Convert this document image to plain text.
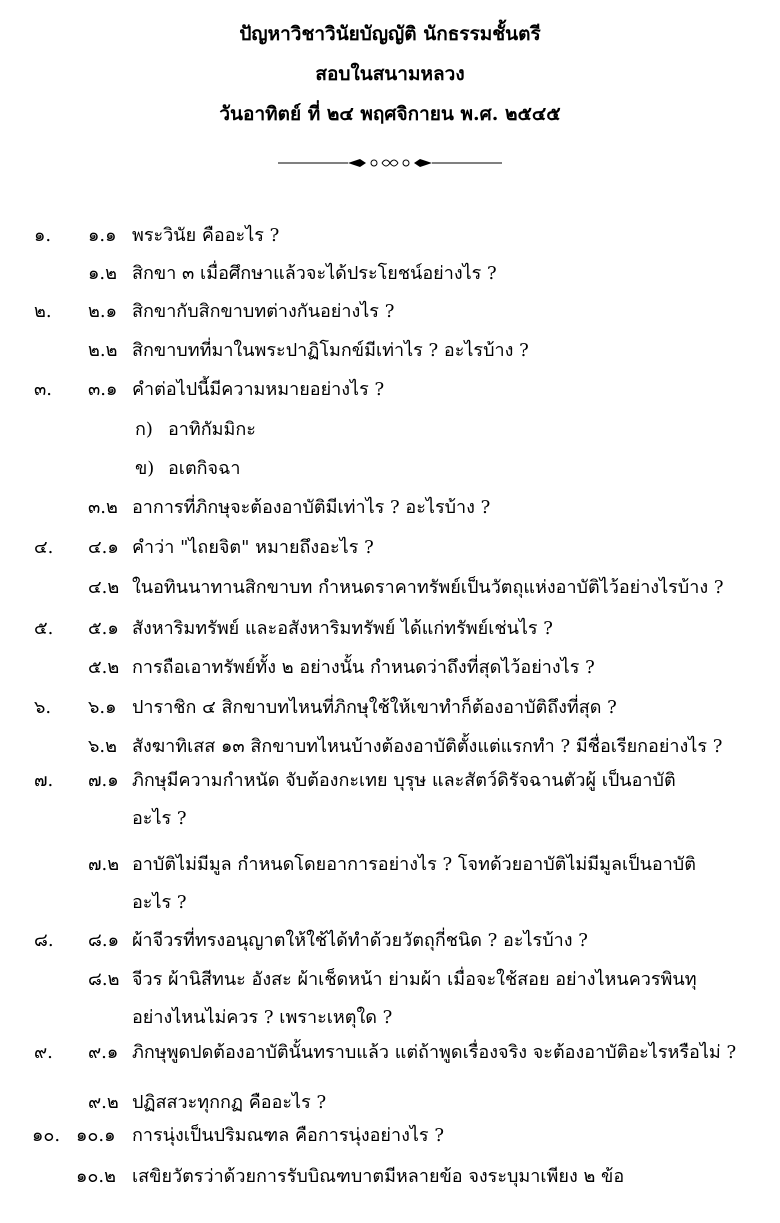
ปัญหาวิชาวินัยบัญญัติ นักธรรมชั้นตรี
สอบในสนามหลวง
วันอาทิตย์ ที่ ๒๔ พฤศจิกายน พ.ศ. ๒๕๔๕
๑. ๑.๑ พระวินัย คืออะไร ?
๑.๒ สิกขา ๓ เมื่อศึกษาแล้วจะได้ประโยชน์อย่างไร ?
๒. ๒.๑ สิกขากับสิกขาบทต่างกันอย่างไร ?
๒.๒ สิกขาบทที่มาในพระปาฏิโมกข์มีเท่าไร ? อะไรบ้าง ?
๓. ๓.๑ คำต่อไปนี้มีความหมายอย่างไร ?
ก) อาทิกัมมิกะ
ข) อเตกิจฉา
๓.๒ อาการที่ภิกษุจะต้องอาบัติมีเท่าไร ? อะไรบ้าง ?
๔. ๔.๑ คำว่า "ไถยจิต" หมายถึงอะไร ?
๔.๒ ในอทินนาทานสิกขาบท กำหนดราคาทรัพย์เป็นวัตถุแห่งอาบัติไว้อย่างไรบ้าง ?
๕. ๕.๑ สังหาริมทรัพย์ และอสังหาริมทรัพย์ ได้แก่ทรัพย์เช่นไร ?
๕.๒ การถือเอาทรัพย์ทั้ง ๒ อย่างนั้น กำหนดว่าถึงที่สุดไว้อย่างไร ?
๖. ๖.๑ ปาราชิก ๔ สิกขาบทไหนที่ภิกษุใช้ให้เขาทำก็ต้องอาบัติถึงที่สุด ?
๖.๒ สังฆาทิเสส ๑๓ สิกขาบทไหนบ้างต้องอาบัติตั้งแต่แรกทำ ? มีชื่อเรียกอย่างไร ?
๗. ๗.๑ ภิกษุมีความกำหนัด จับต้องกะเทย บุรุษ และสัตว์ดิรัจฉานตัวผู้ เป็นอาบัติ
อะไร ?
๗.๒ อาบัติไม่มีมูล กำหนดโดยอาการอย่างไร ? โจทด้วยอาบัติไม่มีมูลเป็นอาบัติ
อะไร ?
๘. ๘.๑ ผ้าจีวรที่ทรงอนุญาตให้ใช้ได้ทำด้วยวัตถุกี่ชนิด ? อะไรบ้าง ?
๘.๒ จีวร ผ้านิสีทนะ อังสะ ผ้าเช็ดหน้า ย่ามผ้า เมื่อจะใช้สอย อย่างไหนควรพินทุ
อย่างไหนไม่ควร ? เพราะเหตุใด ?
๙. ๙.๑ ภิกษุพูดปดต้องอาบัตินั้นทราบแล้ว แต่ถ้าพูดเรื่องจริง จะต้องอาบัติอะไรหรือไม่ ?
๙.๒ ปฏิสสวะทุกกฏ คืออะไร ?
๑๐. ๑๐.๑ การนุ่งเป็นปริมณฑล คือการนุ่งอย่างไร ?
๑๐.๒ เสขิยวัตรว่าด้วยการรับบิณฑบาตมีหลายข้อ จงระบุมาเพียง ๒ ข้อ
